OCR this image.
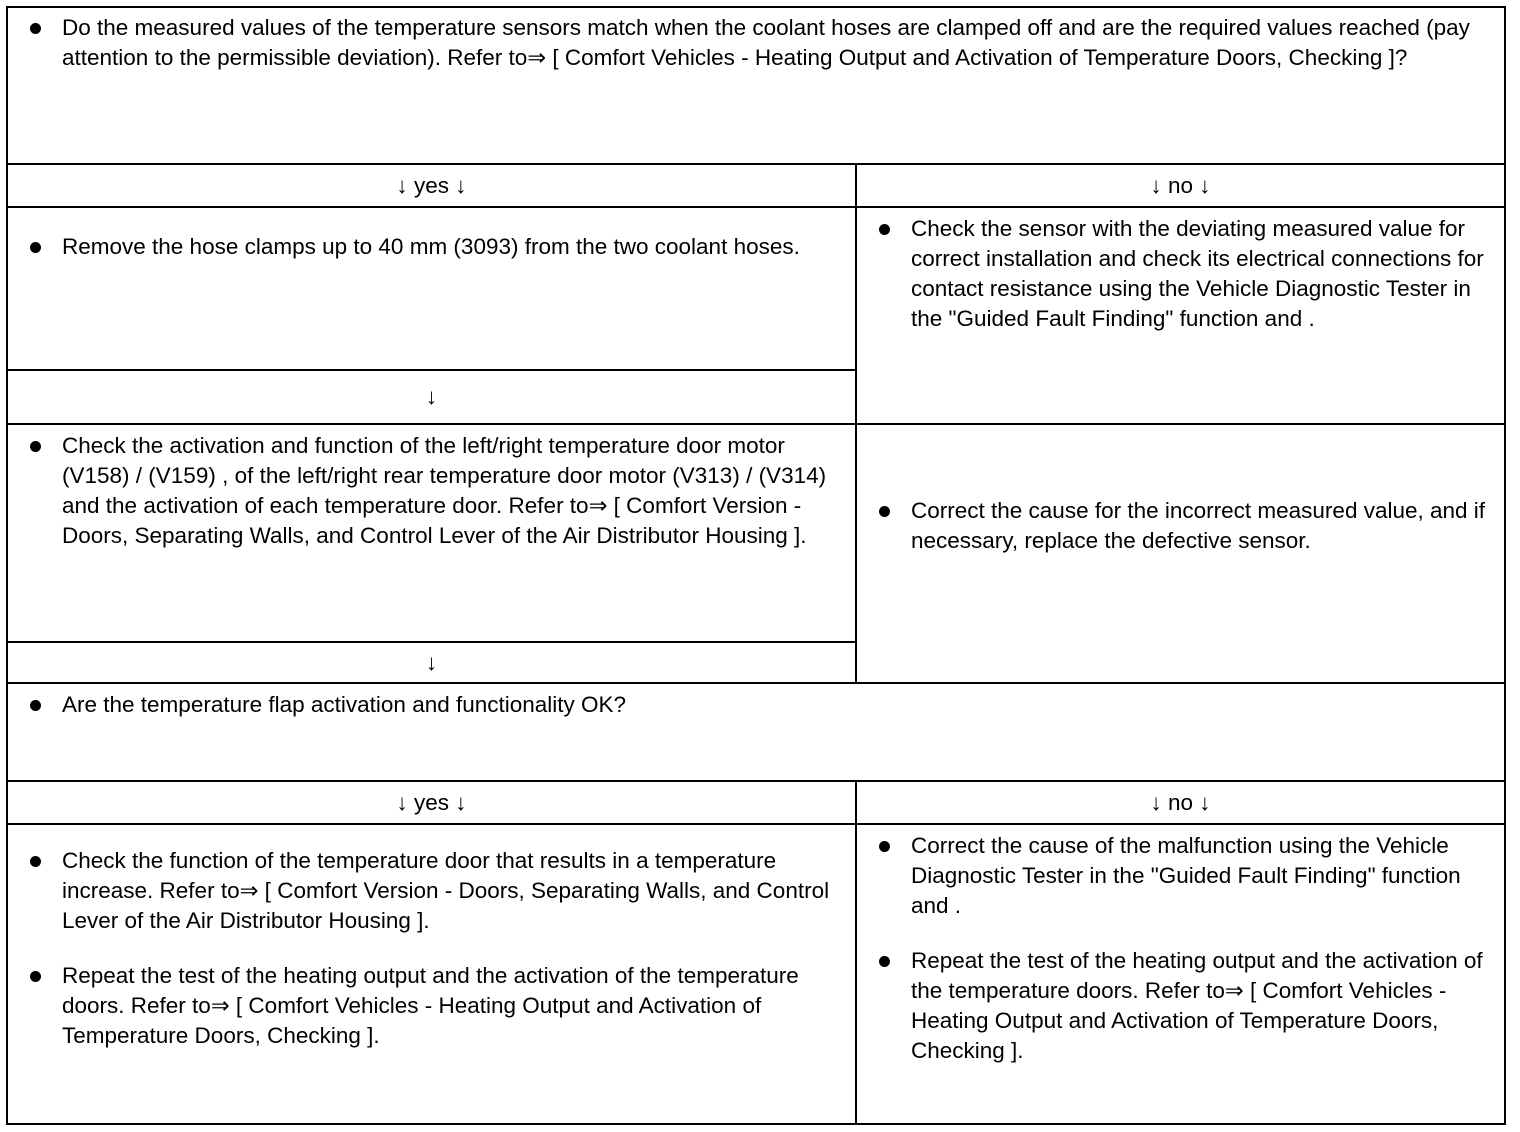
Do the measured values of the temperature sensors match when the coolant hoses are clamped off and are the required values reached (pay attention to the permissible deviation). Refer to⇒ [ Comfort Vehicles - Heating Output and Activation of Temperature Doors, Checking ]?

↓ yes ↓	↓ no ↓

Remove the hose clamps up to 40 mm (3093) from the two coolant hoses.

↓

Check the activation and function of the left/right temperature door motor (V158) / (V159) , of the left/right rear temperature door motor (V313) / (V314) and the activation of each temperature door. Refer to⇒ [ Comfort Version - Doors, Separating Walls, and Control Lever of the Air Distributor Housing ].

↓

Check the sensor with the deviating measured value for correct installation and check its electrical connections for contact resistance using the Vehicle Diagnostic Tester in the "Guided Fault Finding" function and .

Correct the cause for the incorrect measured value, and if necessary, replace the defective sensor.

Are the temperature flap activation and functionality OK?

↓ yes ↓	↓ no ↓

Check the function of the temperature door that results in a temperature increase. Refer to⇒ [ Comfort Version - Doors, Separating Walls, and Control Lever of the Air Distributor Housing ].

Repeat the test of the heating output and the activation of the temperature doors. Refer to⇒ [ Comfort Vehicles - Heating Output and Activation of Temperature Doors, Checking ].

Correct the cause of the malfunction using the Vehicle Diagnostic Tester in the "Guided Fault Finding" function and .

Repeat the test of the heating output and the activation of the temperature doors. Refer to⇒ [ Comfort Vehicles - Heating Output and Activation of Temperature Doors, Checking ].
